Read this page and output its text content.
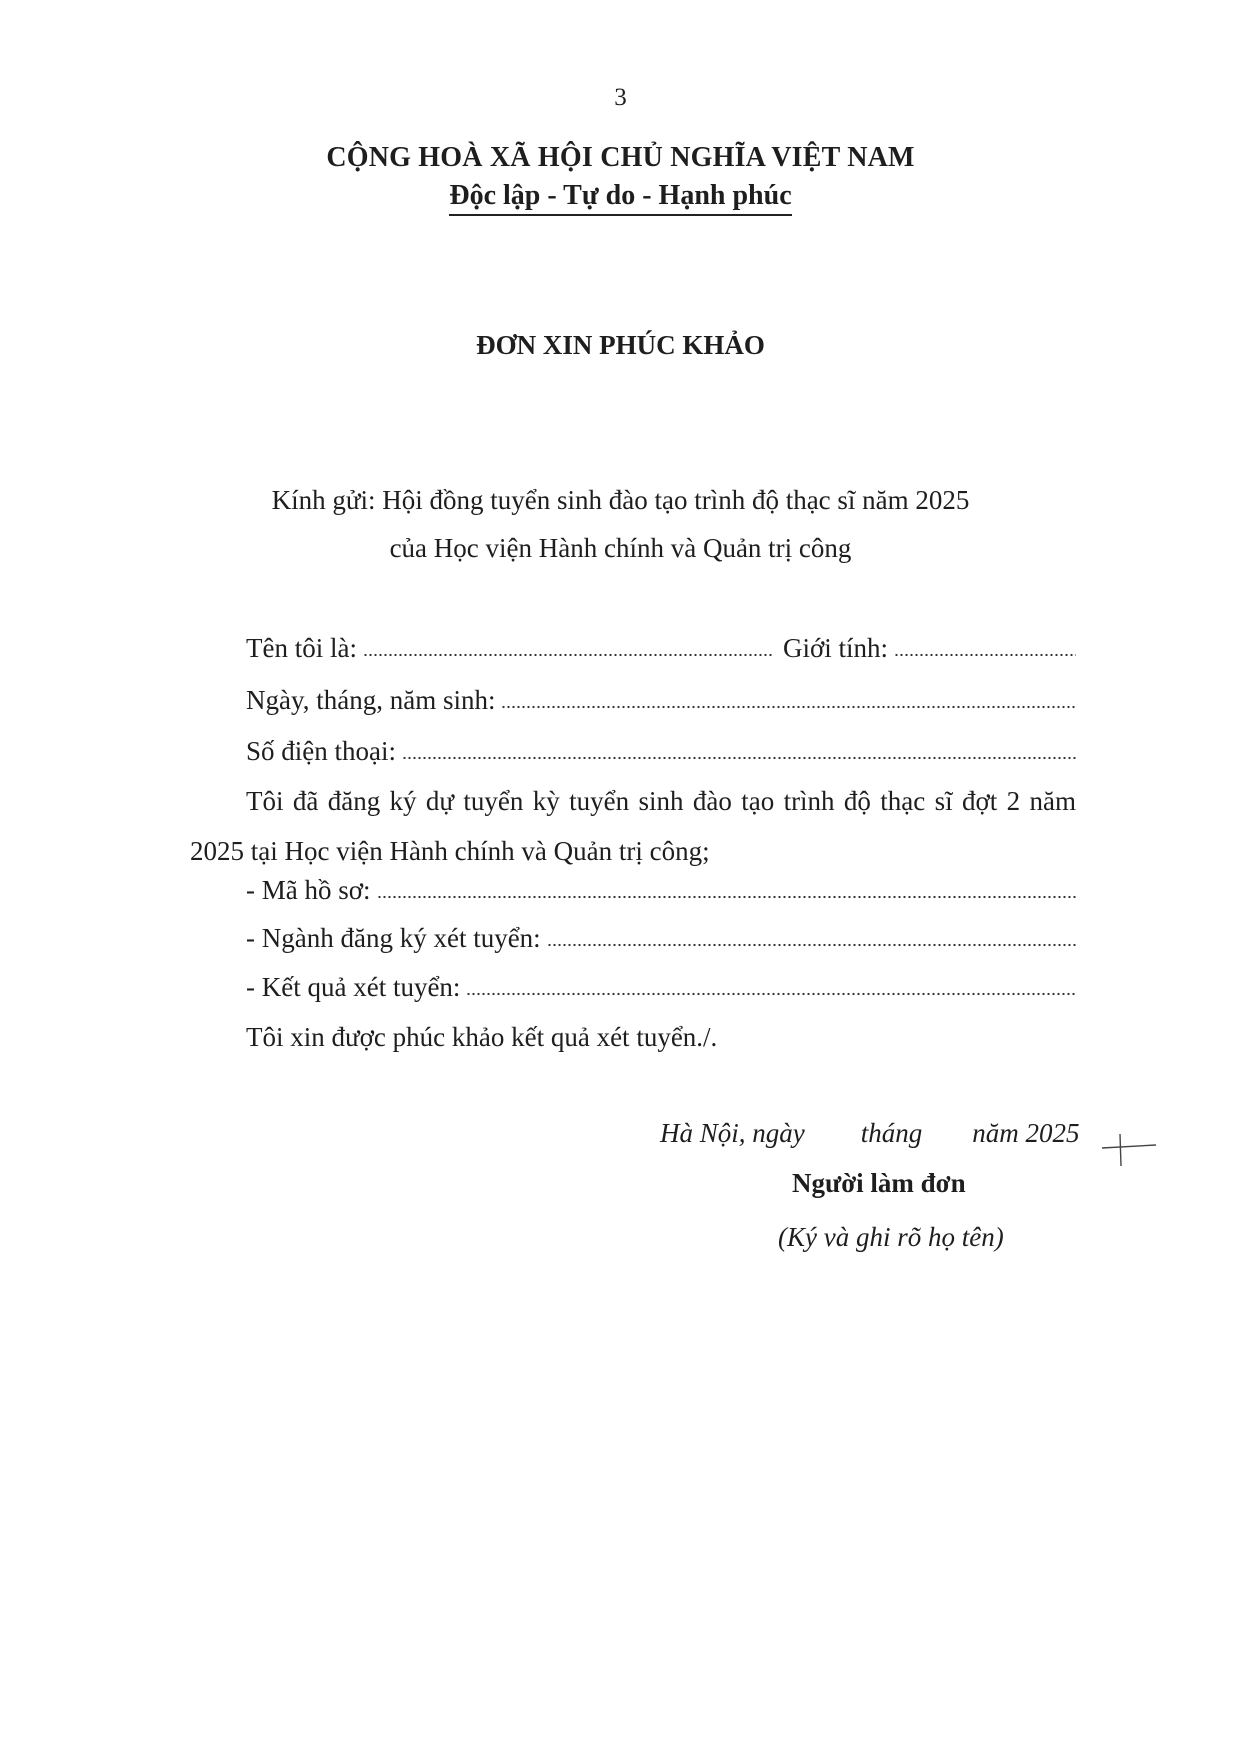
3
CỘNG HOÀ XÃ HỘI CHỦ NGHĨA VIỆT NAM
Độc lập - Tự do - Hạnh phúc
ĐƠN XIN PHÚC KHẢO
Kính gửi: Hội đồng tuyển sinh đào tạo trình độ thạc sĩ năm 2025
của Học viện Hành chính và Quản trị công
Tên tôi là:	Giới tính:
Ngày, tháng, năm sinh:
Số điện thoại:
Tôi đã đăng ký dự tuyển kỳ tuyển sinh đào tạo trình độ thạc sĩ đợt 2 năm 2025 tại Học viện Hành chính và Quản trị công;
- Mã hồ sơ:
- Ngành đăng ký xét tuyển:
- Kết quả xét tuyển:
Tôi xin được phúc khảo kết quả xét tuyển./.
Hà Nội, ngày tháng năm 2025
Người làm đơn
(Ký và ghi rõ họ tên)
